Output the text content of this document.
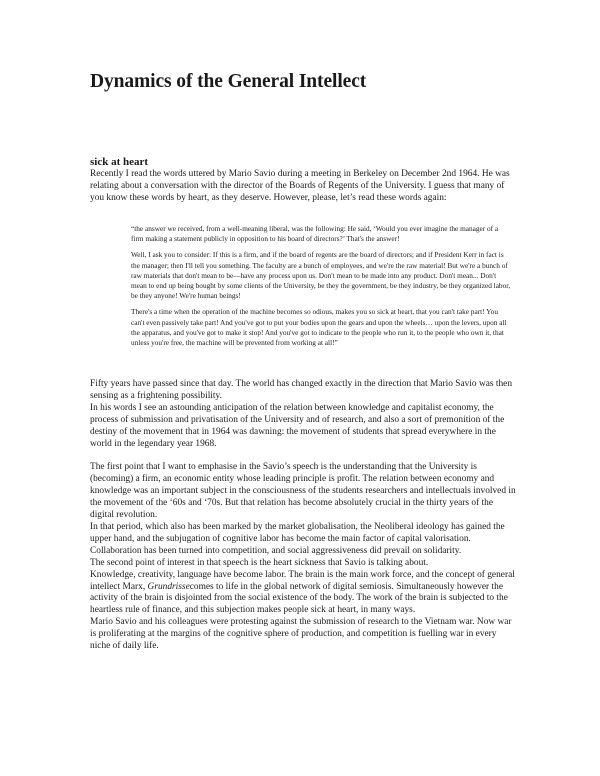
Dynamics of the General Intellect
sick at heart

Recently I read the words uttered by Mario Savio during a meeting in Berkeley on December 2nd 1964. He was relating about a conversation with the director of the Boards of Regents of the University. I guess that many of you know these words by heart, as they deserve. However, please, let’s read these words again:

“the answer we received, from a well-meaning liberal, was the following: He said, ‘Would you ever imagine the manager of a firm making a statement publicly in opposition to his board of directors?’ That's the answer!

Well, I ask you to consider: If this is a firm, and if the board of regents are the board of directors; and if President Kerr in fact is the manager; then I'll tell you something. The faculty are a bunch of employees, and we're the raw material! But we're a bunch of raw materials that don't mean to be—have any process upon us. Don't mean to be made into any product. Don't mean... Don't mean to end up being bought by some clients of the University, be they the government, be they industry, be they organized labor, be they anyone! We're human beings!

There's a time when the operation of the machine becomes so odious, makes you so sick at heart, that you can't take part! You can't even passively take part! And you've got to put your bodies upon the gears and upon the wheels… upon the levers, upon all the apparatus, and you've got to make it stop! And you've got to indicate to the people who run it, to the people who own it, that unless you're free, the machine will be prevented from working at all!”

Fifty years have passed since that day. The world has changed exactly in the direction that Mario Savio was then sensing as a frightening possibility.

In his words I see an astounding anticipation of the relation between knowledge and capitalist economy, the process of submission and privatisation of the University and of research, and also a sort of premonition of the destiny of the movement that in 1964 was dawning: the movement of students that spread everywhere in the world in the legendary year 1968.

The first point that I want to emphasise in the Savio’s speech is the understanding that the University is (becoming) a firm, an economic entity whose leading principle is profit. The relation between economy and knowledge was an important subject in the consciousness of the students researchers and intellectuals involved in the movement of the ‘60s and ‘70s. But that relation has become absolutely crucial in the thirty years of the digital revolution.

In that period, which also has been marked by the market globalisation, the Neoliberal ideology has gained the upper hand, and the subjugation of cognitive labor has become the main factor of capital valorisation. Collaboration has been turned into competition, and social aggressiveness did prevail on solidarity.

The second point of interest in that speech is the heart sickness that Savio is talking about.

Knowledge, creativity, language have become labor. The brain is the main work force, and the concept of general intellect Marx, Grundrissecomes to life in the global network of digital semiosis. Simultaneously however the activity of the brain is disjointed from the social existence of the body. The work of the brain is subjected to the heartless rule of finance, and this subjection makes people sick at heart, in many ways.

Mario Savio and his colleagues were protesting against the submission of research to the Vietnam war. Now war is proliferating at the margins of the cognitive sphere of production, and competition is fuelling war in every niche of daily life.
